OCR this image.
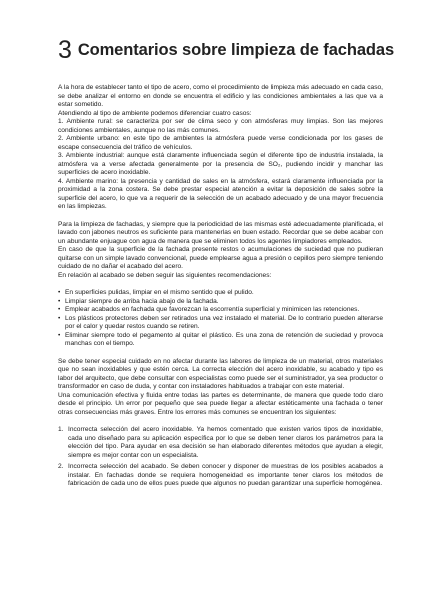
3 Comentarios sobre limpieza de fachadas

A la hora de establecer tanto el tipo de acero, como el procedimiento de limpieza más adecuado en cada caso, se debe analizar el entorno en donde se encuentra el edificio y las condiciones ambientales a las que va a estar sometido.

Atendiendo al tipo de ambiente podemos diferenciar cuatro casos:

1. Ambiente rural: se caracteriza por ser de clima seco y con atmósferas muy limpias. Son las mejores condiciones ambientales, aunque no las más comunes.

2. Ambiente urbano: en este tipo de ambientes la atmósfera puede verse condicionada por los gases de escape consecuencia del tráfico de vehículos.

3. Ambiente industrial: aunque está claramente influenciada según el diferente tipo de industria instalada, la atmósfera va a verse afectada generalmente por la presencia de SO₂, pudiendo incidir y manchar las superficies de acero inoxidable.

4. Ambiente marino: la presencia y cantidad de sales en la atmósfera, estará claramente influenciada por la proximidad a la zona costera. Se debe prestar especial atención a evitar la deposición de sales sobre la superficie del acero, lo que va a requerir de la selección de un acabado adecuado y de una mayor frecuencia en las limpiezas.

Para la limpieza de fachadas, y siempre que la periodicidad de las mismas esté adecuadamente planificada, el lavado con jabones neutros es suficiente para mantenerlas en buen estado. Recordar que se debe acabar con un abundante enjuague con agua de manera que se eliminen todos los agentes limpiadores empleados.

En caso de que la superficie de la fachada presente restos o acumulaciones de suciedad que no pudieran quitarse con un simple lavado convencional, puede emplearse agua a presión o cepillos pero siempre teniendo cuidado de no dañar el acabado del acero.

En relación al acabado se deben seguir las siguientes recomendaciones:

• En superficies pulidas, limpiar en el mismo sentido que el pulido.
• Limpiar siempre de arriba hacia abajo de la fachada.
• Emplear acabados en fachada que favorezcan la escorrentía superficial y minimicen las retenciones.
• Los plásticos protectores deben ser retirados una vez instalado el material. De lo contrario pueden alterarse por el calor y quedar restos cuando se retiren.
• Eliminar siempre todo el pegamento al quitar el plástico. Es una zona de retención de suciedad y provoca manchas con el tiempo.

Se debe tener especial cuidado en no afectar durante las labores de limpieza de un material, otros materiales que no sean inoxidables y que estén cerca. La correcta elección del acero inoxidable, su acabado y tipo es labor del arquitecto, que debe consultar con especialistas como puede ser el suministrador, ya sea productor o transformador en caso de duda, y contar con instaladores habituados a trabajar con este material.

Una comunicación efectiva y fluida entre todas las partes es determinante, de manera que quede todo claro desde el principio. Un error por pequeño que sea puede llegar a afectar estéticamente una fachada o tener otras consecuencias más graves. Entre los errores más comunes se encuentran los siguientes:

1. Incorrecta selección del acero inoxidable. Ya hemos comentado que existen varios tipos de inoxidable, cada uno diseñado para su aplicación específica por lo que se deben tener claros los parámetros para la elección del tipo. Para ayudar en esa decisión se han elaborado diferentes métodos que ayudan a elegir, siempre es mejor contar con un especialista.
2. Incorrecta selección del acabado. Se deben conocer y disponer de muestras de los posibles acabados a instalar. En fachadas donde se requiera homogeneidad es importante tener claros los métodos de fabricación de cada uno de ellos pues puede que algunos no puedan garantizar una superficie homogénea.
